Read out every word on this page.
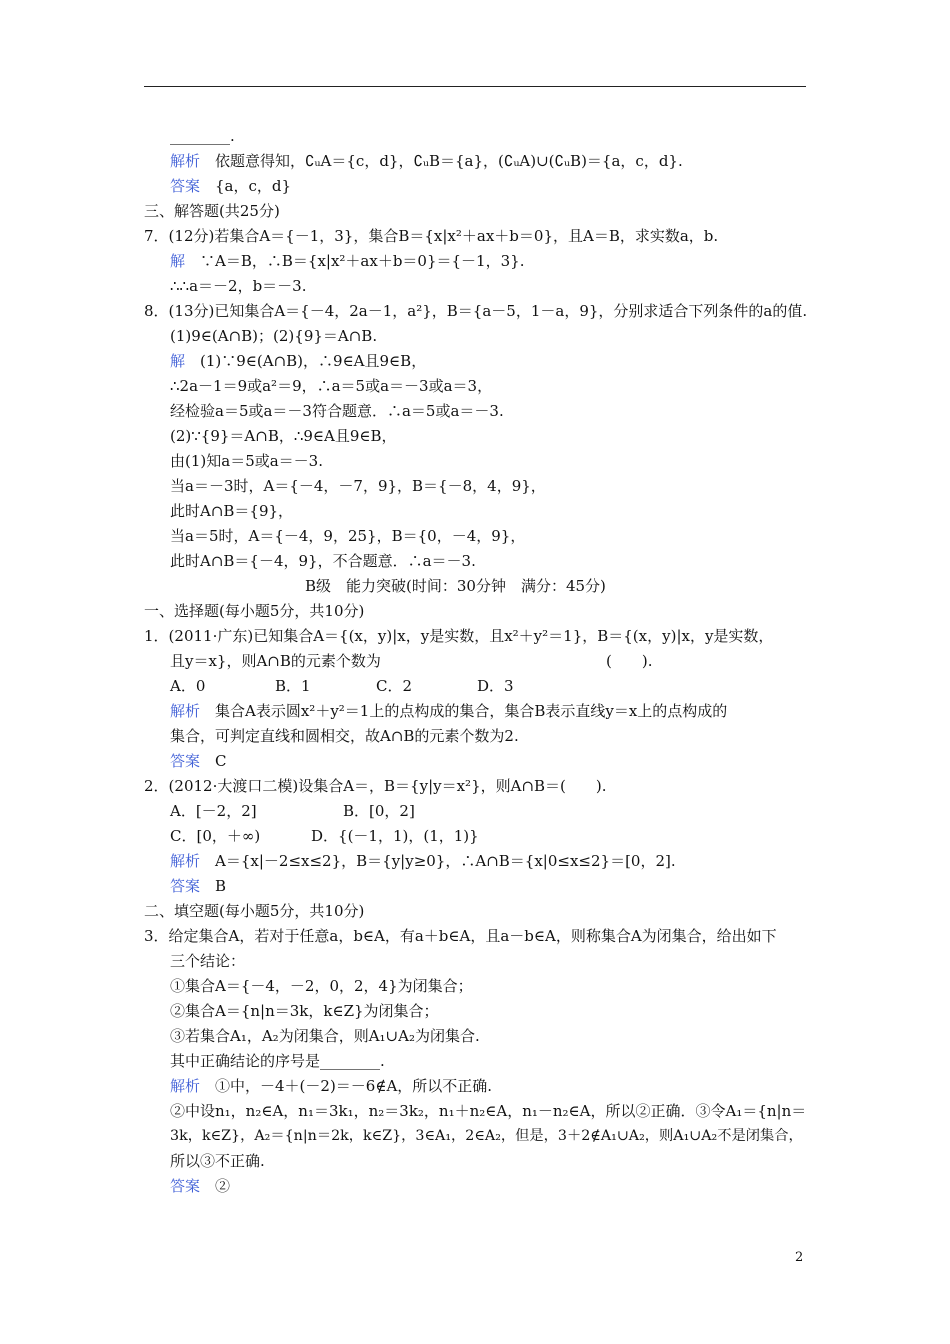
________.
解析　依题意得知，∁ᵤA＝{c，d}，∁ᵤB＝{a}，(∁ᵤA)∪(∁ᵤB)＝{a，c，d}.
答案　{a，c，d}
三、解答题(共25分)
7．(12分)若集合A＝{－1，3}，集合B＝{x|x²＋ax＋b＝0}，且A＝B，求实数a，b.
解　∵A＝B，∴B＝{x|x²＋ax＋b＝0}＝{－1，3}.
∴∴a＝－2，b＝－3.
8．(13分)已知集合A＝{－4，2a－1，a²}，B＝{a－5，1－a，9}，分别求适合下列条件的a的值.
(1)9∈(A∩B)；(2){9}＝A∩B.
解　(1)∵9∈(A∩B)，∴9∈A且9∈B，
∴2a－1＝9或a²＝9，∴a＝5或a＝－3或a＝3，
经检验a＝5或a＝－3符合题意．∴a＝5或a＝－3.
(2)∵{9}＝A∩B，∴9∈A且9∈B，
由(1)知a＝5或a＝－3.
当a＝－3时，A＝{－4，－7，9}，B＝{－8，4，9}，
此时A∩B＝{9}，
当a＝5时，A＝{－4，9，25}，B＝{0，－4，9}，
此时A∩B＝{－4，9}，不合题意．∴a＝－3.
B级　能力突破(时间：30分钟　满分：45分)
一、选择题(每小题5分，共10分)
1．(2011·广东)已知集合A＝{(x，y)|x，y是实数，且x²＋y²＝1}，B＝{(x，y)|x，y是实数，
且y＝x}，则A∩B的元素个数为	(　　).
A．0	B．1	C．2	D．3
解析　集合A表示圆x²＋y²＝1上的点构成的集合，集合B表示直线y＝x上的点构成的
集合，可判定直线和圆相交，故A∩B的元素个数为2.
答案　C
2．(2012·大渡口二模)设集合A＝，B＝{y|y＝x²}，则A∩B＝(　　).
A．[－2，2]	B．[0，2]
C．[0，＋∞)	D．{(－1，1)，(1，1)}
解析　A＝{x|－2≤x≤2}，B＝{y|y≥0}，∴A∩B＝{x|0≤x≤2}＝[0，2].
答案　B
二、填空题(每小题5分，共10分)
3．给定集合A，若对于任意a，b∈A，有a＋b∈A，且a－b∈A，则称集合A为闭集合，给出如下
三个结论：
①集合A＝{－4，－2，0，2，4}为闭集合；
②集合A＝{n|n＝3k，k∈Z}为闭集合；
③若集合A₁，A₂为闭集合，则A₁∪A₂为闭集合.
其中正确结论的序号是________.
解析　①中，－4＋(－2)＝－6∉A，所以不正确.
②中设n₁，n₂∈A，n₁＝3k₁，n₂＝3k₂，n₁＋n₂∈A，n₁－n₂∈A，所以②正确．③令A₁＝{n|n＝
3k，k∈Z}，A₂＝{n|n＝2k，k∈Z}，3∈A₁，2∈A₂，但是，3＋2∉A₁∪A₂，则A₁∪A₂不是闭集合，
所以③不正确.
答案　②
2
